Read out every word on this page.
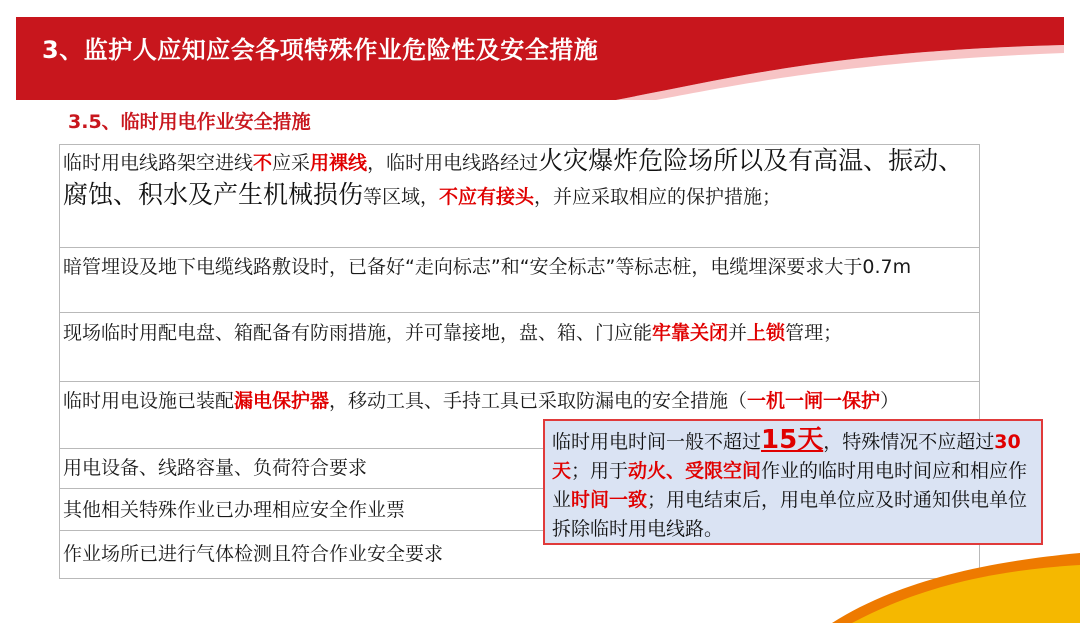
3、监护人应知应会各项特殊作业危险性及安全措施
3.5、临时用电作业安全措施
临时用电线路架空进线不应采用裸线，临时用电线路经过火灾爆炸危险场所以及有高温、振动、腐蚀、积水及产生机械损伤等区域，不应有接头，并应采取相应的保护措施；
暗管埋设及地下电缆线路敷设时，已备好“走向标志”和“安全标志”等标志桩，电缆埋深要求大于0.7m
现场临时用配电盘、箱配备有防雨措施，并可靠接地，盘、箱、门应能牢靠关闭并上锁管理；
临时用电设施已装配漏电保护器，移动工具、手持工具已采取防漏电的安全措施（一机一闸一保护）
用电设备、线路容量、负荷符合要求
其他相关特殊作业已办理相应安全作业票
作业场所已进行气体检测且符合作业安全要求
临时用电时间一般不超过15天，特殊情况不应超过30天；用于动火、受限空间作业的临时用电时间应和相应作业时间一致；用电结束后，用电单位应及时通知供电单位拆除临时用电线路。
